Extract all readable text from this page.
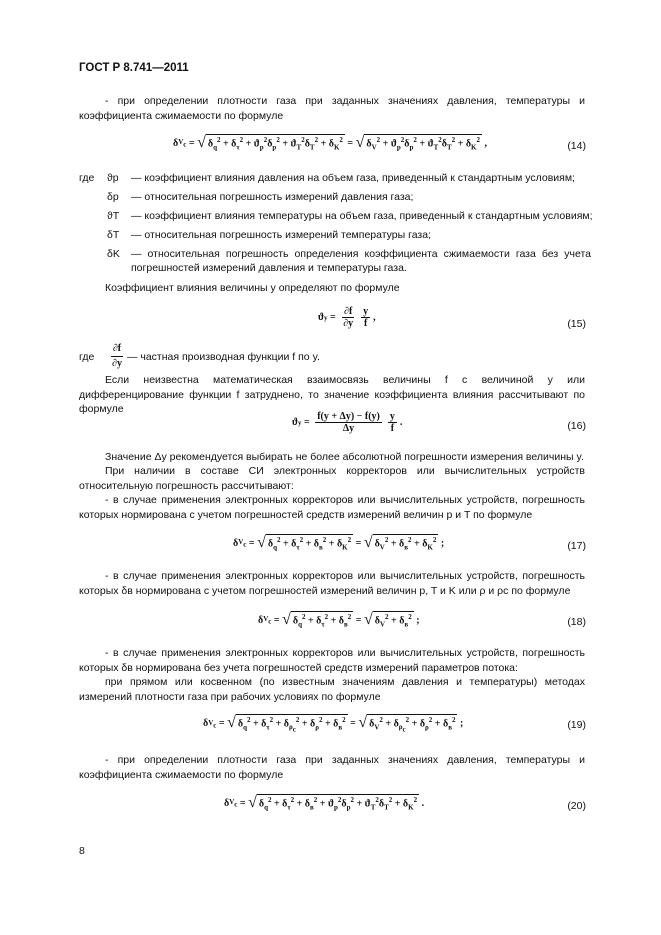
ГОСТ Р 8.741—2011
- при определении плотности газа при заданных значениях давления, температуры и коэффициента сжимаемости по формуле
δ $V_c$ = √ $\delta_q^2 + \delta_\tau^2 + ϑ_p^2\delta_p^2 + ϑ_T^2\delta_T^2 + \delta_K^2$ = √ $\delta_V^2 + ϑ_p^2\delta_p^2 + ϑ_T^2\delta_T^2 + \delta_K^2$ ,	(14)
где ϑp — коэффициент влияния давления на объем газа, приведенный к стандартным условиям;
δp — относительная погрешность измерений давления газа;
ϑT — коэффициент влияния температуры на объем газа, приведенный к стандартным условиям;
δT — относительная погрешность измерений температуры газа;
δK	— относительная погрешность определения коэффициента сжимаемости газа без учета погрешностей измерений давления и температуры газа.
Коэффициент влияния величины y определяют по формуле
ϑ $y = \frac{\partial f}{\partial y} \frac{y}{f}$ ,
(15)
где	$\frac{\partial f}{\partial y}$ — частная производная функции f по y.
Если неизвестна математическая взаимосвязь величины f с величиной y или дифференцирование функции f затруднено, то значение коэффициента влияния рассчитывают по формуле
ϑ $y = \frac{f(y + \Delta y) - f(y)}{\Delta y} \frac{y}{f}$ .	(16)
Значение Δy рекомендуется выбирать не более абсолютной погрешности измерения величины y.
При наличии в составе СИ электронных корректоров или вычислительных устройств относительную погрешность рассчитывают:
- в случае применения электронных корректоров или вычислительных устройств, погрешность которых нормирована с учетом погрешностей средств измерений величин p и T по формуле
δ $V_c$ = √ $\delta_q^2 + \delta_\tau^2 + \delta_в^2 + \delta_K^2$ = √ $\delta_V^2 + \delta_в^2 + \delta_K^2$ ;	(17)
- в случае применения электронных корректоров или вычислительных устройств, погрешность которых δв нормирована с учетом погрешностей измерений величин p, T и K или ρ и ρс по формуле
δ $V_c$ = √ $\delta_q^2 + \delta_\tau^2 + \delta_в^2$ = √ $\delta_V^2 + \delta_в^2$ ;	(18)
- в случае применения электронных корректоров или вычислительных устройств, погрешность которых δв нормирована без учета погрешностей средств измерений параметров потока:
при прямом или косвенном (по известным значениям давления и температуры) методах измерений плотности газа при рабочих условиях по формуле
δ $V_c$ = √ $\delta_q^2 + \delta_\tau^2 + \delta_{\rho_c}^2 + \delta_\rho^2 + \delta_в^2$ = √ $\delta_V^2 + \delta_{\rho_c}^2 + \delta_\rho^2 + \delta_в^2$ ;	(19)
- при определении плотности газа при заданных значениях давления, температуры и коэффициента сжимаемости по формуле
δ $V_c$ = √ $\delta_q^2 + \delta_\tau^2 + \delta_в^2 + ϑ_p^2\delta_p^2 + ϑ_T^2\delta_T^2 + \delta_K^2$ .	(20)
8
